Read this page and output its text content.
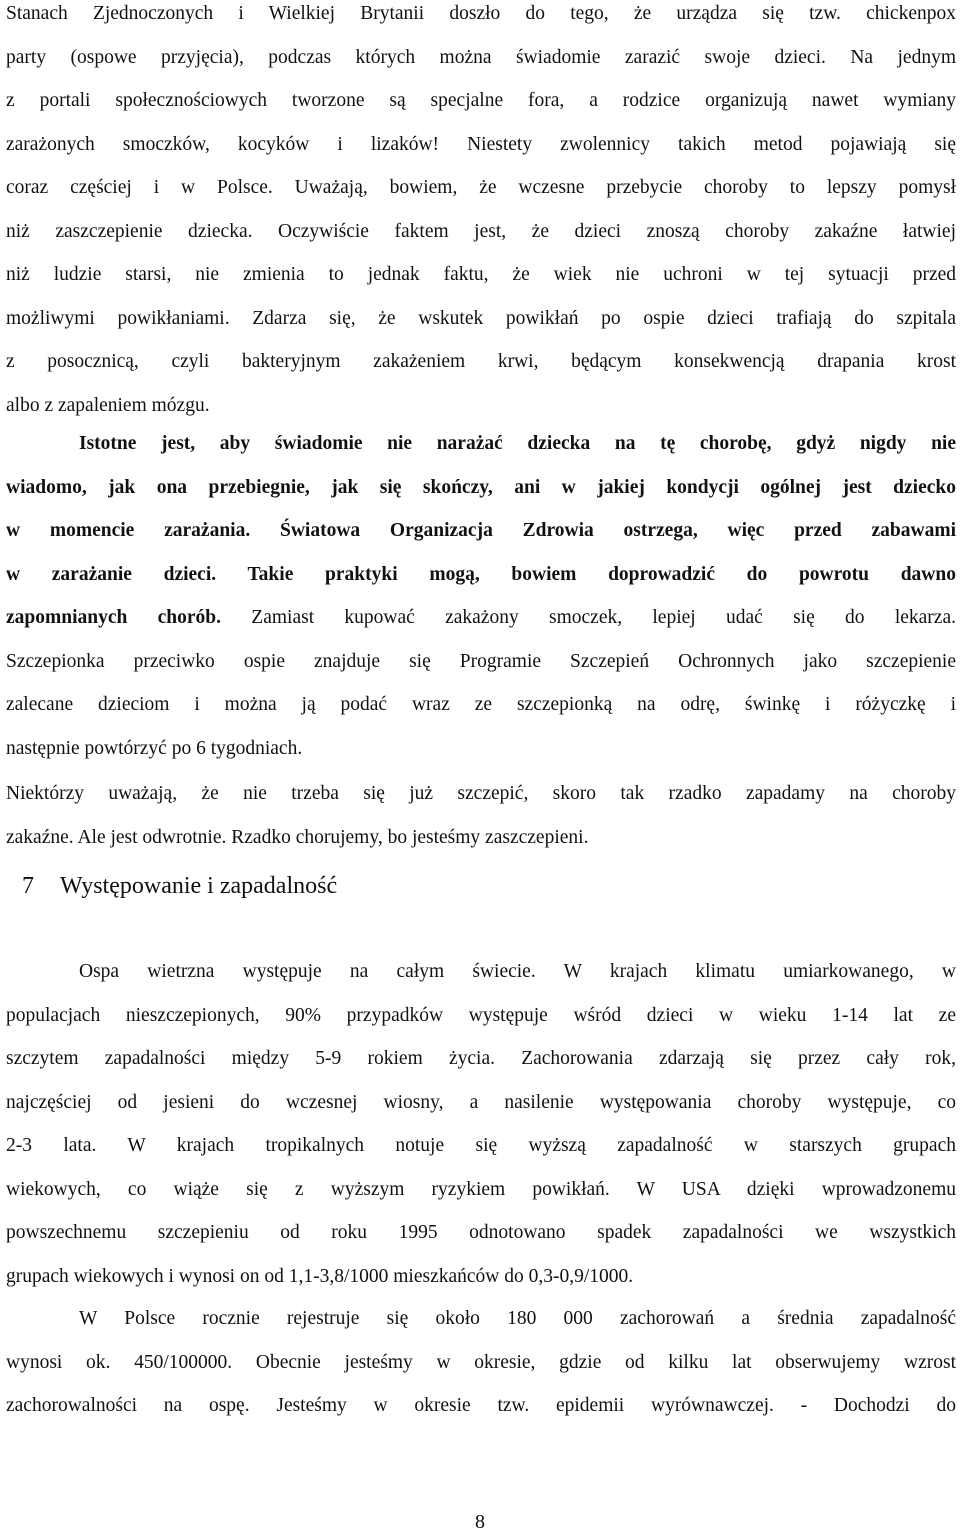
Stanach Zjednoczonych i Wielkiej Brytanii doszło do tego, że urządza się tzw. chickenpox
party (ospowe przyjęcia), podczas których można świadomie zarazić swoje dzieci. Na jednym
z portali społecznościowych tworzone są specjalne fora, a rodzice organizują nawet wymiany
zarażonych smoczków, kocyków i lizaków! Niestety zwolennicy takich metod pojawiają się
coraz częściej i w Polsce. Uważają, bowiem, że wczesne przebycie choroby to lepszy pomysł
niż zaszczepienie dziecka. Oczywiście faktem jest, że dzieci znoszą choroby zakaźne łatwiej
niż ludzie starsi, nie zmienia to jednak faktu, że wiek nie uchroni w tej sytuacji przed
możliwymi powikłaniami. Zdarza się, że wskutek powikłań po ospie dzieci trafiają do szpitala
z posocznicą, czyli bakteryjnym zakażeniem krwi, będącym konsekwencją drapania krost
albo z zapaleniem mózgu.
Istotne jest, aby świadomie nie narażać dziecka na tę chorobę, gdyż nigdy nie
wiadomo, jak ona przebiegnie, jak się skończy, ani w jakiej kondycji ogólnej jest dziecko
w momencie zarażania. Światowa Organizacja Zdrowia ostrzega, więc przed zabawami
w zarażanie dzieci. Takie praktyki mogą, bowiem doprowadzić do powrotu dawno
zapomnianych chorób. Zamiast kupować zakażony smoczek, lepiej udać się do lekarza.
Szczepionka przeciwko ospie znajduje się Programie Szczepień Ochronnych jako szczepienie
zalecane dzieciom i można ją podać wraz ze szczepionką na odrę, świnkę i różyczkę i
następnie powtórzyć po 6 tygodniach.
Niektórzy uważają, że nie trzeba się już szczepić, skoro tak rzadko zapadamy na choroby
zakaźne. Ale jest odwrotnie. Rzadko chorujemy, bo jesteśmy zaszczepieni.
7 Występowanie i zapadalność
Ospa wietrzna występuje na całym świecie. W krajach klimatu umiarkowanego, w
populacjach nieszczepionych, 90% przypadków występuje wśród dzieci w wieku 1-14 lat ze
szczytem zapadalności między 5-9 rokiem życia. Zachorowania zdarzają się przez cały rok,
najczęściej od jesieni do wczesnej wiosny, a nasilenie występowania choroby występuje, co
2-3 lata. W krajach tropikalnych notuje się wyższą zapadalność w starszych grupach
wiekowych, co wiąże się z wyższym ryzykiem powikłań. W USA dzięki wprowadzonemu
powszechnemu szczepieniu od roku 1995 odnotowano spadek zapadalności we wszystkich
grupach wiekowych i wynosi on od 1,1-3,8/1000 mieszkańców do 0,3-0,9/1000.
W Polsce rocznie rejestruje się około 180 000 zachorowań a średnia zapadalność
wynosi ok. 450/100000. Obecnie jesteśmy w okresie, gdzie od kilku lat obserwujemy wzrost
zachorowalności na ospę. Jesteśmy w okresie tzw. epidemii wyrównawczej. - Dochodzi do
8
